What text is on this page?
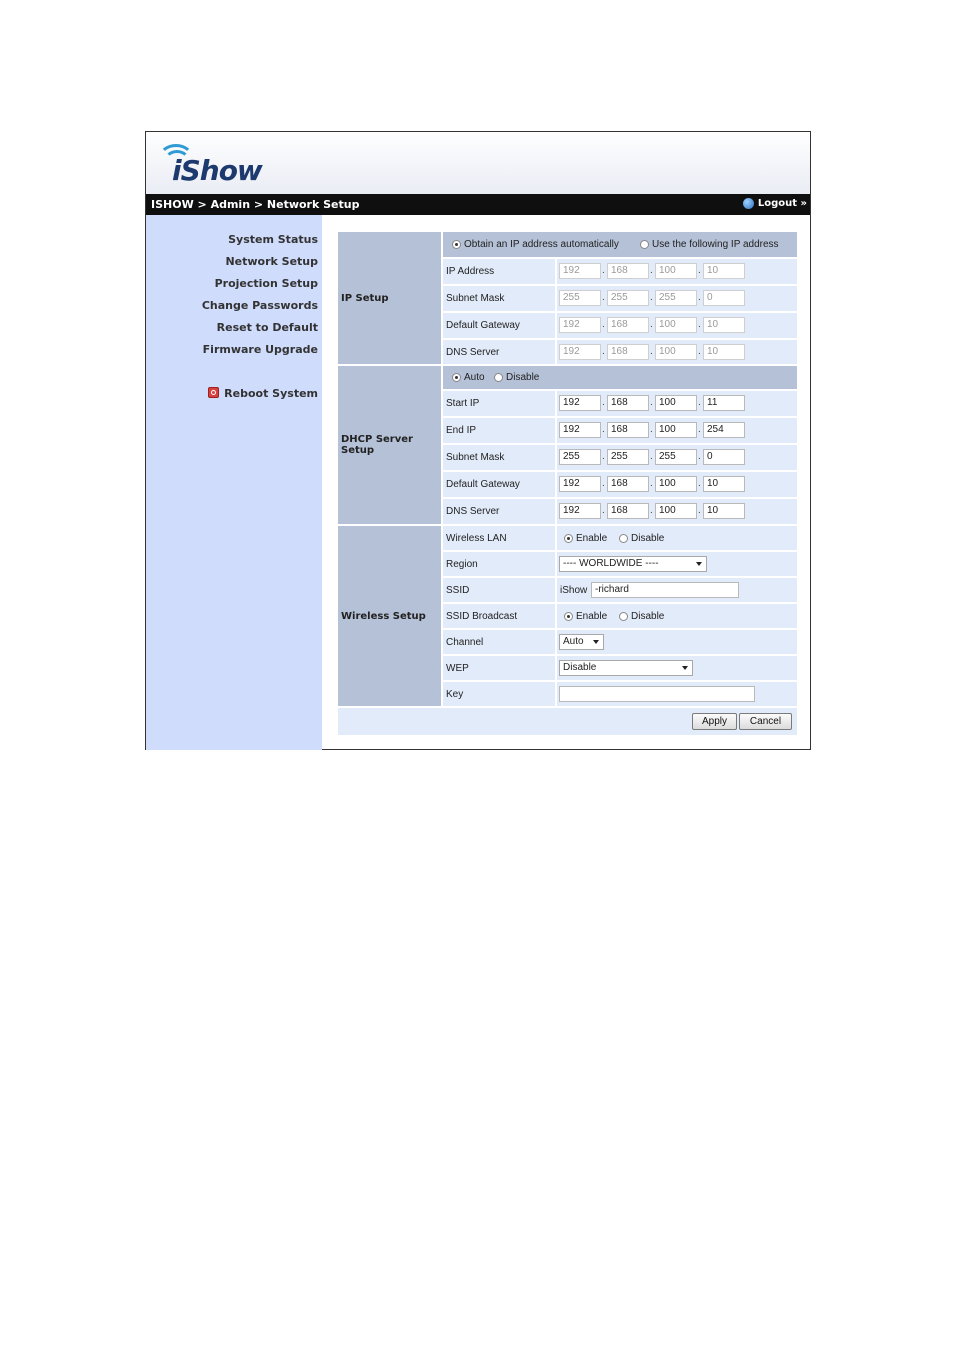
iShow
ISHOW > Admin > Network Setup	Logout »
System Status
Network Setup
Projection Setup
Change Passwords
Reset to Default
Firmware Upgrade
Reboot System
IP Setup
Obtain an IP address automatically	Use the following IP address
IP Address	192	. 168	. 100	. 10
Subnet Mask	255	. 255	. 255	. 0
Default Gateway	192	. 168	. 100	. 10
DNS Server	192	. 168	. 100	. 10
DHCP Server Setup
Auto Disable
Start IP	192	. 168	. 100	. 11
End IP	192	. 168	. 100	. 254
Subnet Mask	255	. 255	. 255	. 0
Default Gateway	192	. 168	. 100	. 10
DNS Server	192	. 168	. 100	. 10
Wireless Setup
Wireless LAN	Enable Disable
Region	---- WORLDWIDE ----
SSID	iShow -richard
SSID Broadcast	Enable Disable
Channel	Auto
WEP	Disable
Key
Apply	Cancel
